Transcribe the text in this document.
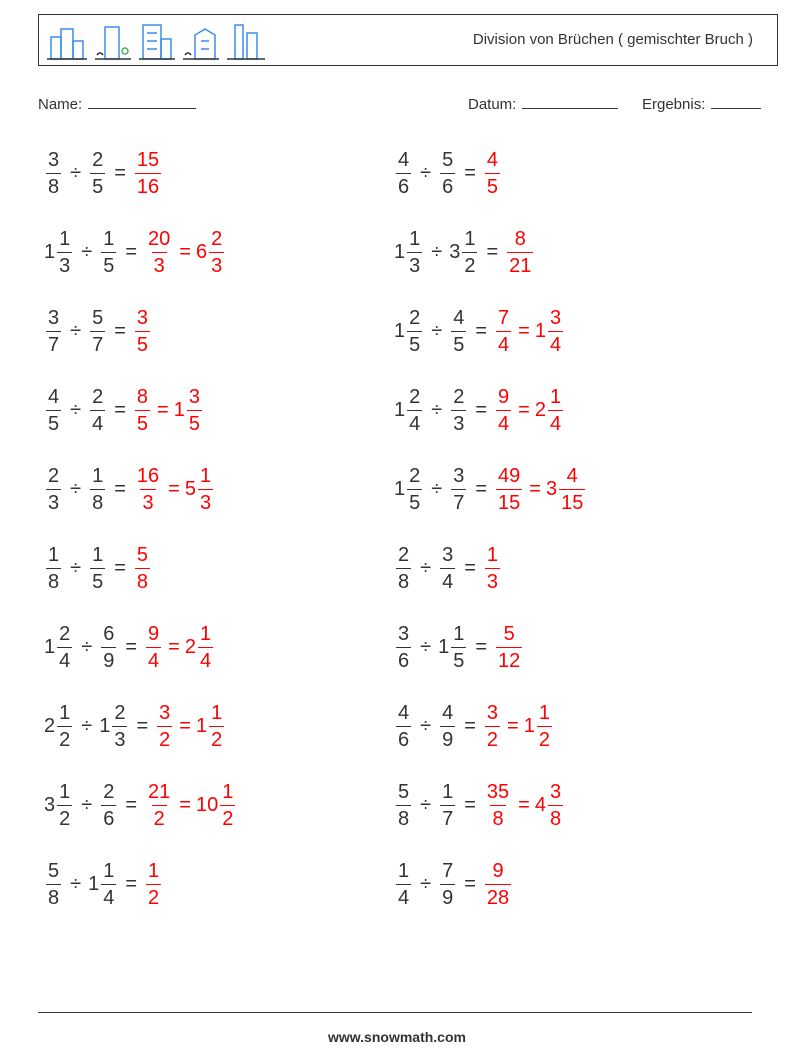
Division von Brüchen ( gemischter Bruch )
Name:	Datum:	Ergebnis:
$\frac{3}{8} \div \frac{2}{5} = \frac{15}{16}$	$\frac{4}{6} \div \frac{5}{6} = \frac{4}{5}$
$1 \frac{1}{3} \div \frac{1}{5} = \frac{20}{3} = 6 \frac{2}{3}$	$1 \frac{1}{3} \div 3 \frac{1}{2} = \frac{8}{21}$
$\frac{3}{7} \div \frac{5}{7} = \frac{3}{5}$	$1 \frac{2}{5} \div \frac{4}{5} = \frac{7}{4} = 1 \frac{3}{4}$
$\frac{4}{5} \div \frac{2}{4} = \frac{8}{5} = 1 \frac{3}{5}$	$1 \frac{2}{4} \div \frac{2}{3} = \frac{9}{4} = 2 \frac{1}{4}$
$\frac{2}{3} \div \frac{1}{8} = \frac{16}{3} = 5 \frac{1}{3}$	$1 \frac{2}{5} \div \frac{3}{7} = \frac{49}{15} = 3 \frac{4}{15}$
$\frac{1}{8} \div \frac{1}{5} = \frac{5}{8}$	$\frac{2}{8} \div \frac{3}{4} = \frac{1}{3}$
$1 \frac{2}{4} \div \frac{6}{9} = \frac{9}{4} = 2 \frac{1}{4}$	$\frac{3}{6} \div 1 \frac{1}{5} = \frac{5}{12}$
$2 \frac{1}{2} \div 1 \frac{2}{3} = \frac{3}{2} = 1 \frac{1}{2}$	$\frac{4}{6} \div \frac{4}{9} = \frac{3}{2} = 1 \frac{1}{2}$
$3 \frac{1}{2} \div \frac{2}{6} = \frac{21}{2} = 10 \frac{1}{2}$	$\frac{5}{8} \div \frac{1}{7} = \frac{35}{8} = 4 \frac{3}{8}$
$\frac{5}{8} \div 1 \frac{1}{4} = \frac{1}{2}$	$\frac{1}{4} \div \frac{7}{9} = \frac{9}{28}$
www.snowmath.com
